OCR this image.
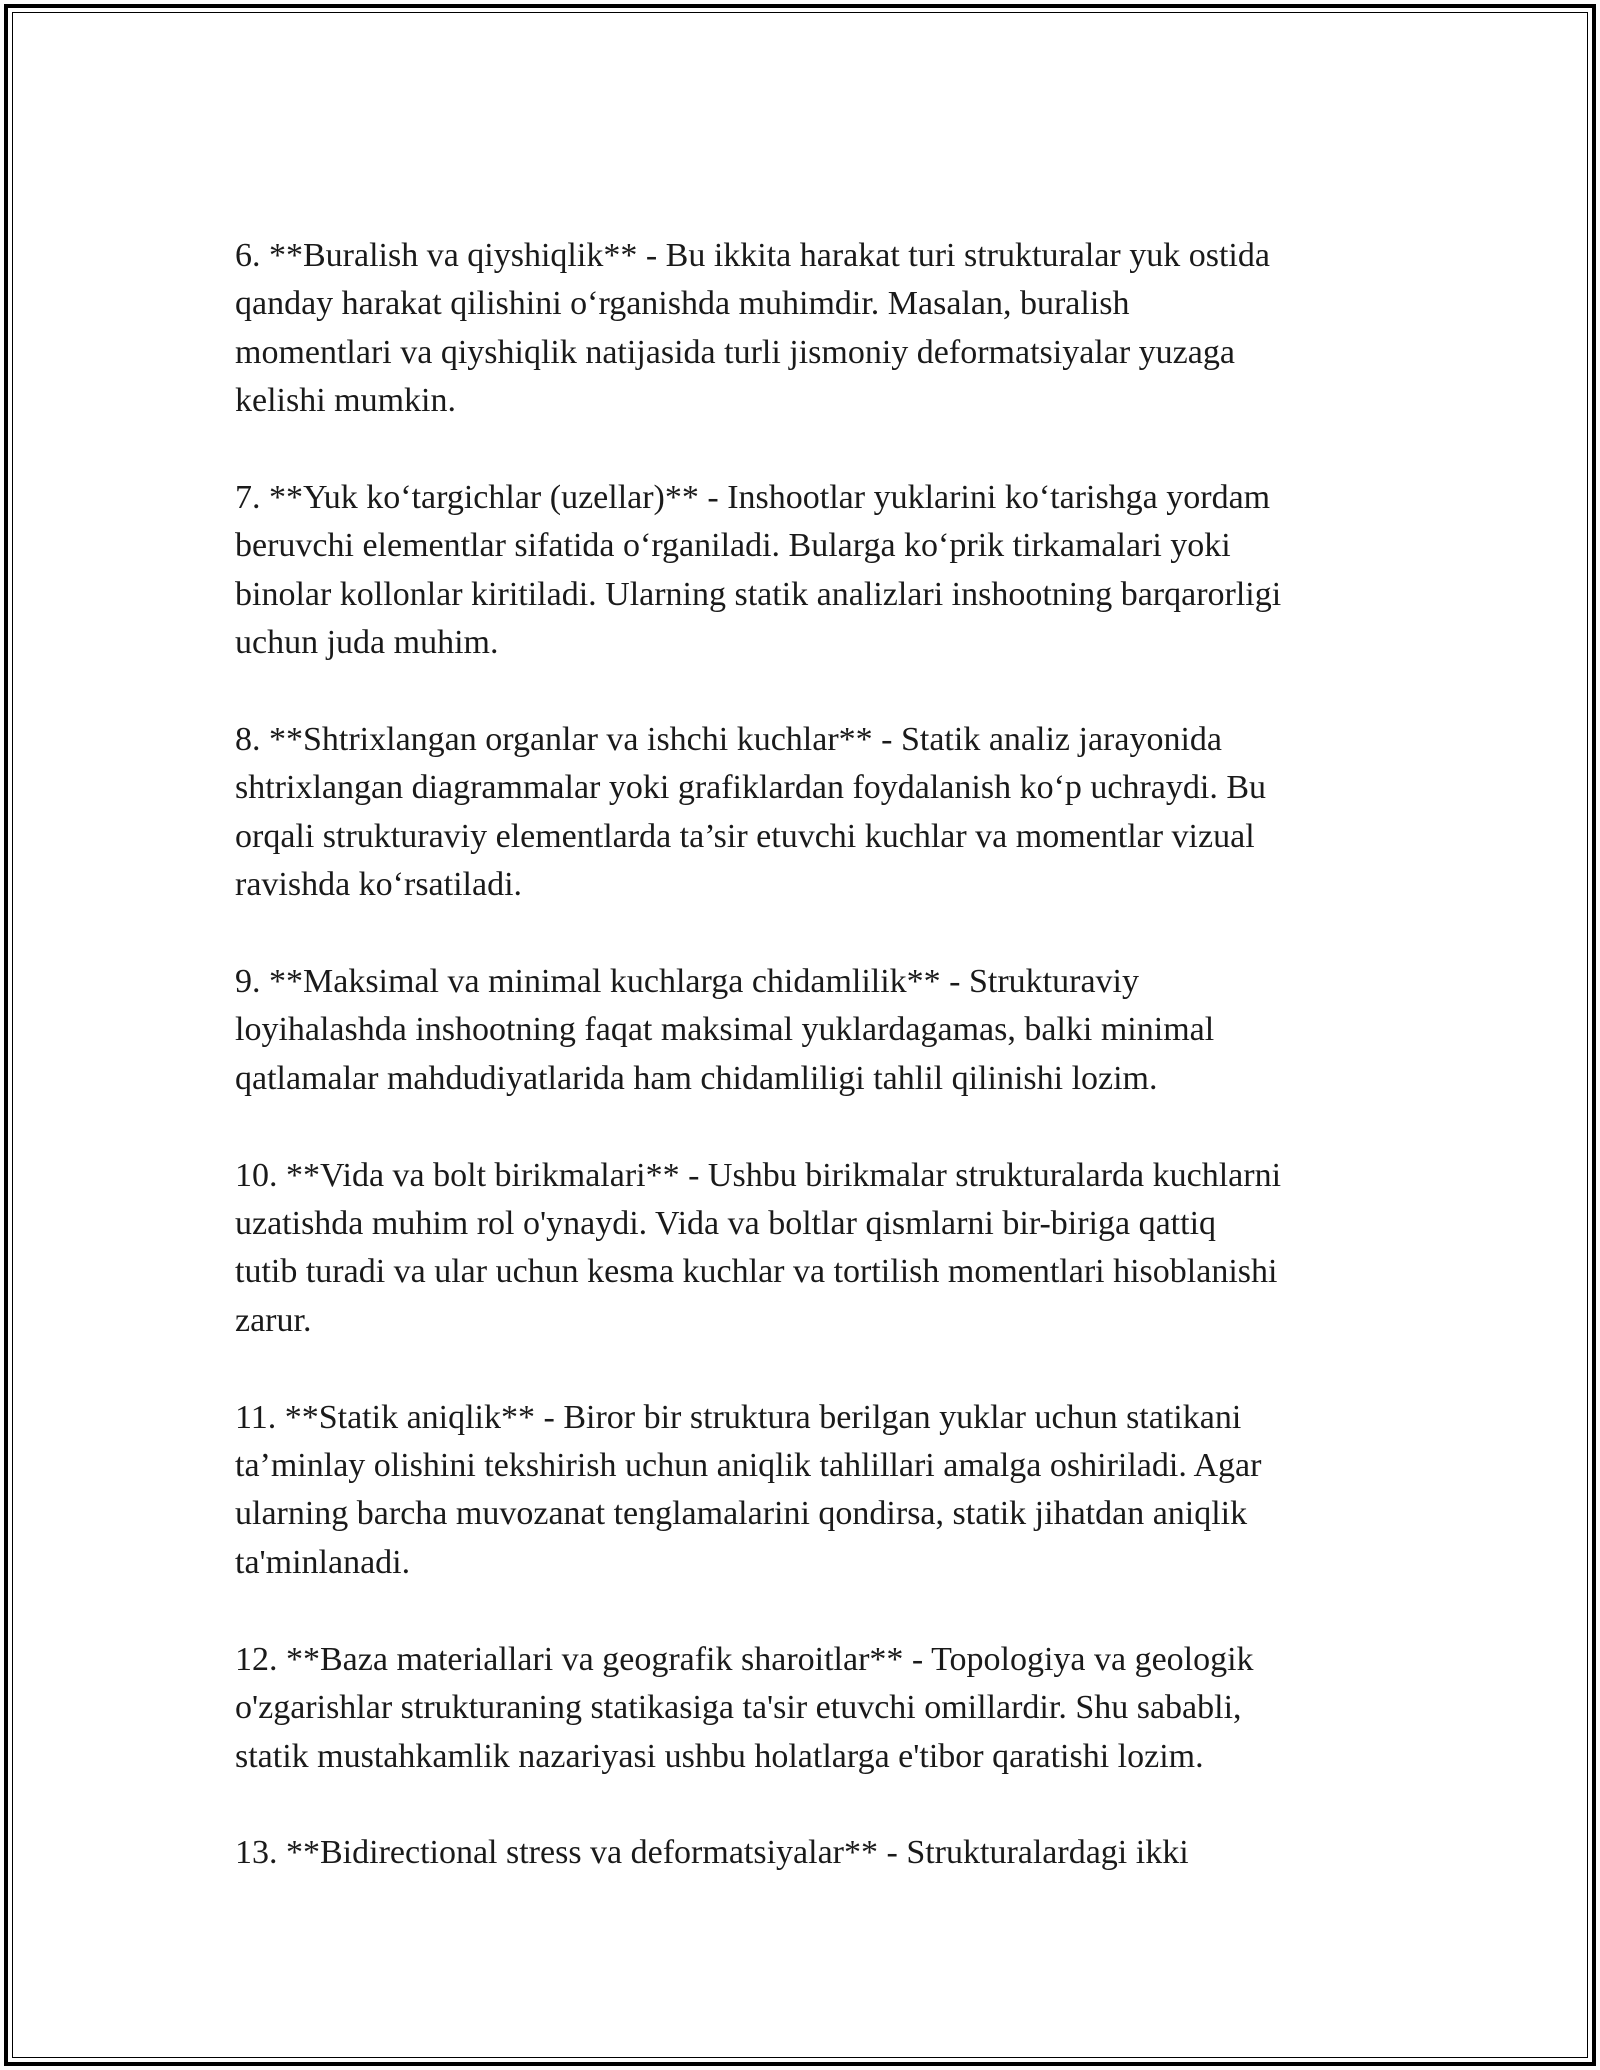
6. **Buralish va qiyshiqlik** - Bu ikkita harakat turi strukturalar yuk ostida
qanday harakat qilishini o‘rganishda muhimdir. Masalan, buralish
momentlari va qiyshiqlik natijasida turli jismoniy deformatsiyalar yuzaga
kelishi mumkin.

7. **Yuk ko‘targichlar (uzellar)** - Inshootlar yuklarini ko‘tarishga yordam
beruvchi elementlar sifatida o‘rganiladi. Bularga ko‘prik tirkamalari yoki
binolar kollonlar kiritiladi. Ularning statik analizlari inshootning barqarorligi
uchun juda muhim.

8. **Shtrixlangan organlar va ishchi kuchlar** - Statik analiz jarayonida
shtrixlangan diagrammalar yoki grafiklardan foydalanish ko‘p uchraydi. Bu
orqali strukturaviy elementlarda ta’sir etuvchi kuchlar va momentlar vizual
ravishda ko‘rsatiladi.

9. **Maksimal va minimal kuchlarga chidamlilik** - Strukturaviy
loyihalashda inshootning faqat maksimal yuklardagamas, balki minimal
qatlamalar mahdudiyatlarida ham chidamliligi tahlil qilinishi lozim.

10. **Vida va bolt birikmalari** - Ushbu birikmalar strukturalarda kuchlarni
uzatishda muhim rol o'ynaydi. Vida va boltlar qismlarni bir-biriga qattiq
tutib turadi va ular uchun kesma kuchlar va tortilish momentlari hisoblanishi
zarur.

11. **Statik aniqlik** - Biror bir struktura berilgan yuklar uchun statikani
ta’minlay olishini tekshirish uchun aniqlik tahlillari amalga oshiriladi. Agar
ularning barcha muvozanat tenglamalarini qondirsa, statik jihatdan aniqlik
ta'minlanadi.

12. **Baza materiallari va geografik sharoitlar** - Topologiya va geologik
o'zgarishlar strukturaning statikasiga ta'sir etuvchi omillardir. Shu sababli,
statik mustahkamlik nazariyasi ushbu holatlarga e'tibor qaratishi lozim.

13. **Bidirectional stress va deformatsiyalar** - Strukturalardagi ikki
